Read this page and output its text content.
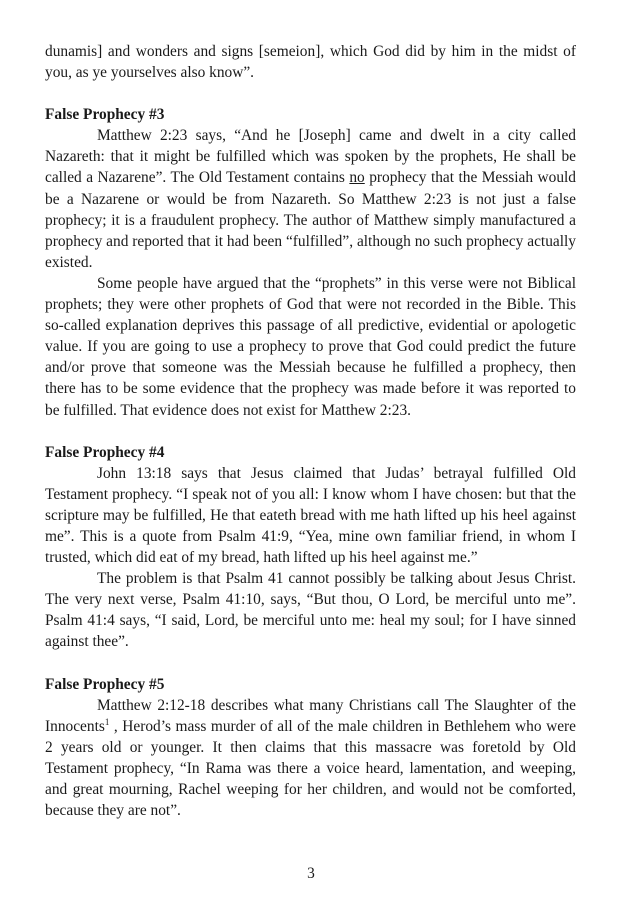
dunamis] and wonders and signs [semeion], which God did by him in the midst of you, as ye yourselves also know”.

False Prophecy #3

Matthew 2:23 says, “And he [Joseph] came and dwelt in a city called Nazareth: that it might be fulfilled which was spoken by the prophets, He shall be called a Nazarene”. The Old Testament contains no prophecy that the Messiah would be a Nazarene or would be from Nazareth. So Matthew 2:23 is not just a false prophecy; it is a fraudulent prophecy. The author of Matthew simply manufactured a prophecy and reported that it had been “fulfilled”, although no such prophecy actually existed.

Some people have argued that the “prophets” in this verse were not Biblical prophets; they were other prophets of God that were not recorded in the Bible. This so-called explanation deprives this passage of all predictive, evidential or apologetic value. If you are going to use a prophecy to prove that God could predict the future and/or prove that someone was the Messiah because he fulfilled a prophecy, then there has to be some evidence that the prophecy was made before it was reported to be fulfilled. That evidence does not exist for Matthew 2:23.

False Prophecy #4

John 13:18 says that Jesus claimed that Judas’ betrayal fulfilled Old Testament prophecy. “I speak not of you all: I know whom I have chosen: but that the scripture may be fulfilled, He that eateth bread with me hath lifted up his heel against me”. This is a quote from Psalm 41:9, “Yea, mine own familiar friend, in whom I trusted, which did eat of my bread, hath lifted up his heel against me.”

The problem is that Psalm 41 cannot possibly be talking about Jesus Christ. The very next verse, Psalm 41:10, says, “But thou, O Lord, be merciful unto me”. Psalm 41:4 says, “I said, Lord, be merciful unto me: heal my soul; for I have sinned against thee”.

False Prophecy #5

Matthew 2:12-18 describes what many Christians call The Slaughter of the Innocents$^1$ , Herod’s mass murder of all of the male children in Bethlehem who were 2 years old or younger. It then claims that this massacre was foretold by Old Testament prophecy, “In Rama was there a voice heard, lamentation, and weeping, and great mourning, Rachel weeping for her children, and would not be comforted, because they are not”.

3
